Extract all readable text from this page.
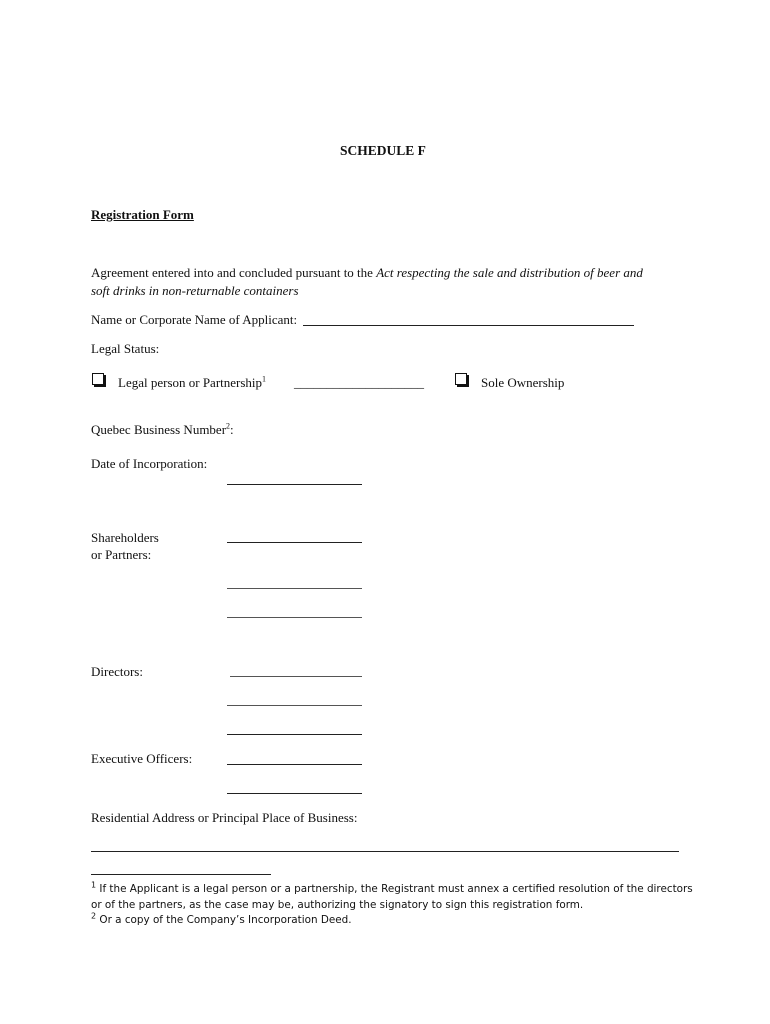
SCHEDULE F
Registration Form
Agreement entered into and concluded pursuant to the Act respecting the sale and distribution of beer and
soft drinks in non-returnable containers
Name or Corporate Name of Applicant:
Legal Status:
Legal person or Partnership$^1$ ____________________	Sole Ownership
Quebec Business Number$^2$:
Date of Incorporation:
Shareholders
or Partners:
Directors:
Executive Officers:
Residential Address or Principal Place of Business:
$^1$ If the Applicant is a legal person or a partnership, the Registrant must annex a certified resolution of the directors
or of the partners, as the case may be, authorizing the signatory to sign this registration form.
$^2$ Or a copy of the Company’s Incorporation Deed.
